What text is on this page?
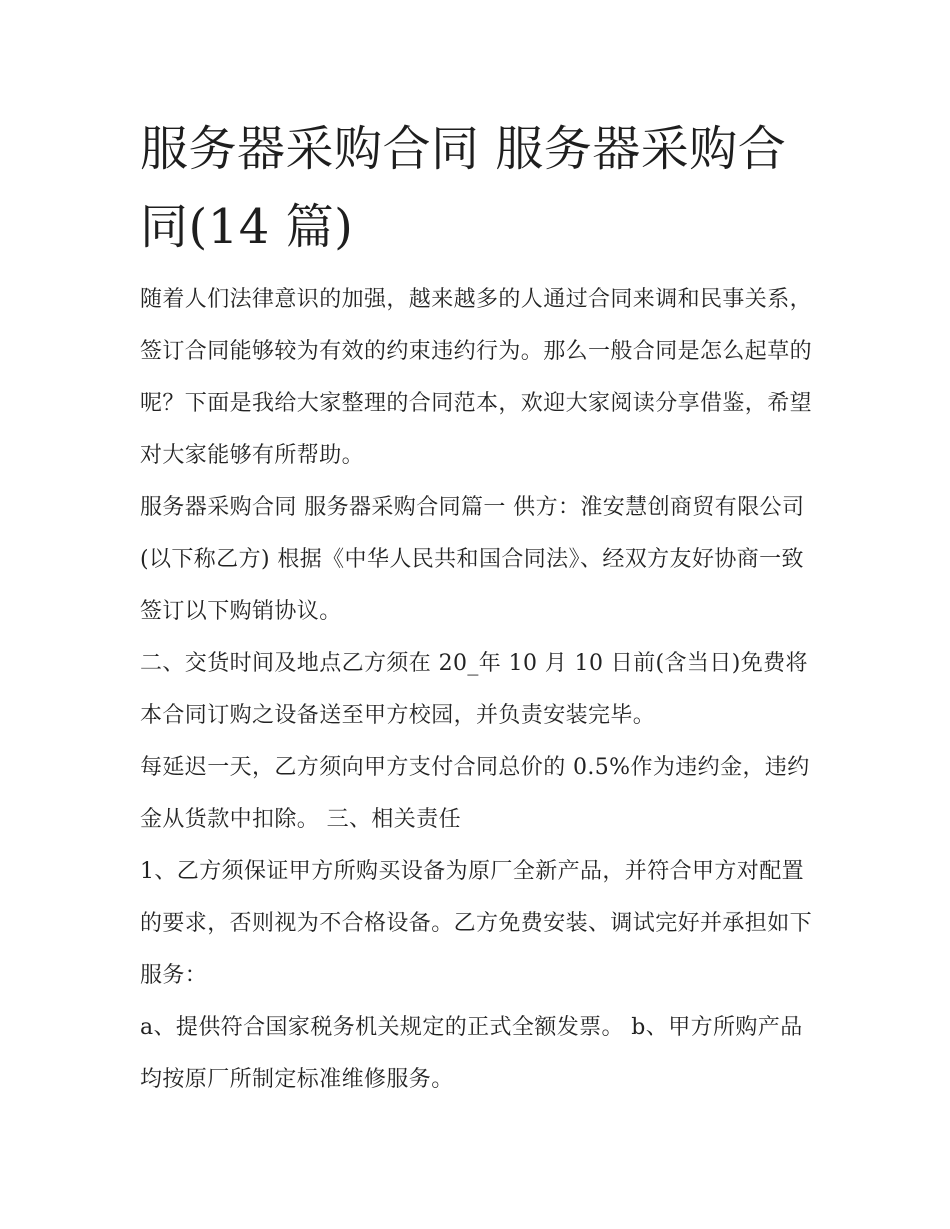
服务器采购合同 服务器采购合同(14 篇)

随着人们法律意识的加强，越来越多的人通过合同来调和民事关系，签订合同能够较为有效的约束违约行为。那么一般合同是怎么起草的呢？下面是我给大家整理的合同范本，欢迎大家阅读分享借鉴，希望对大家能够有所帮助。

服务器采购合同 服务器采购合同篇一 供方：淮安慧创商贸有限公司(以下称乙方) 根据《中华人民共和国合同法》、经双方友好协商一致签订以下购销协议。

二、交货时间及地点乙方须在 20_年 10 月 10 日前(含当日)免费将本合同订购之设备送至甲方校园，并负责安装完毕。

每延迟一天，乙方须向甲方支付合同总价的 0.5%作为违约金，违约金从货款中扣除。 三、相关责任

1、乙方须保证甲方所购买设备为原厂全新产品，并符合甲方对配置的要求，否则视为不合格设备。乙方免费安装、调试完好并承担如下服务：

a、提供符合国家税务机关规定的正式全额发票。 b、甲方所购产品均按原厂所制定标准维修服务。
